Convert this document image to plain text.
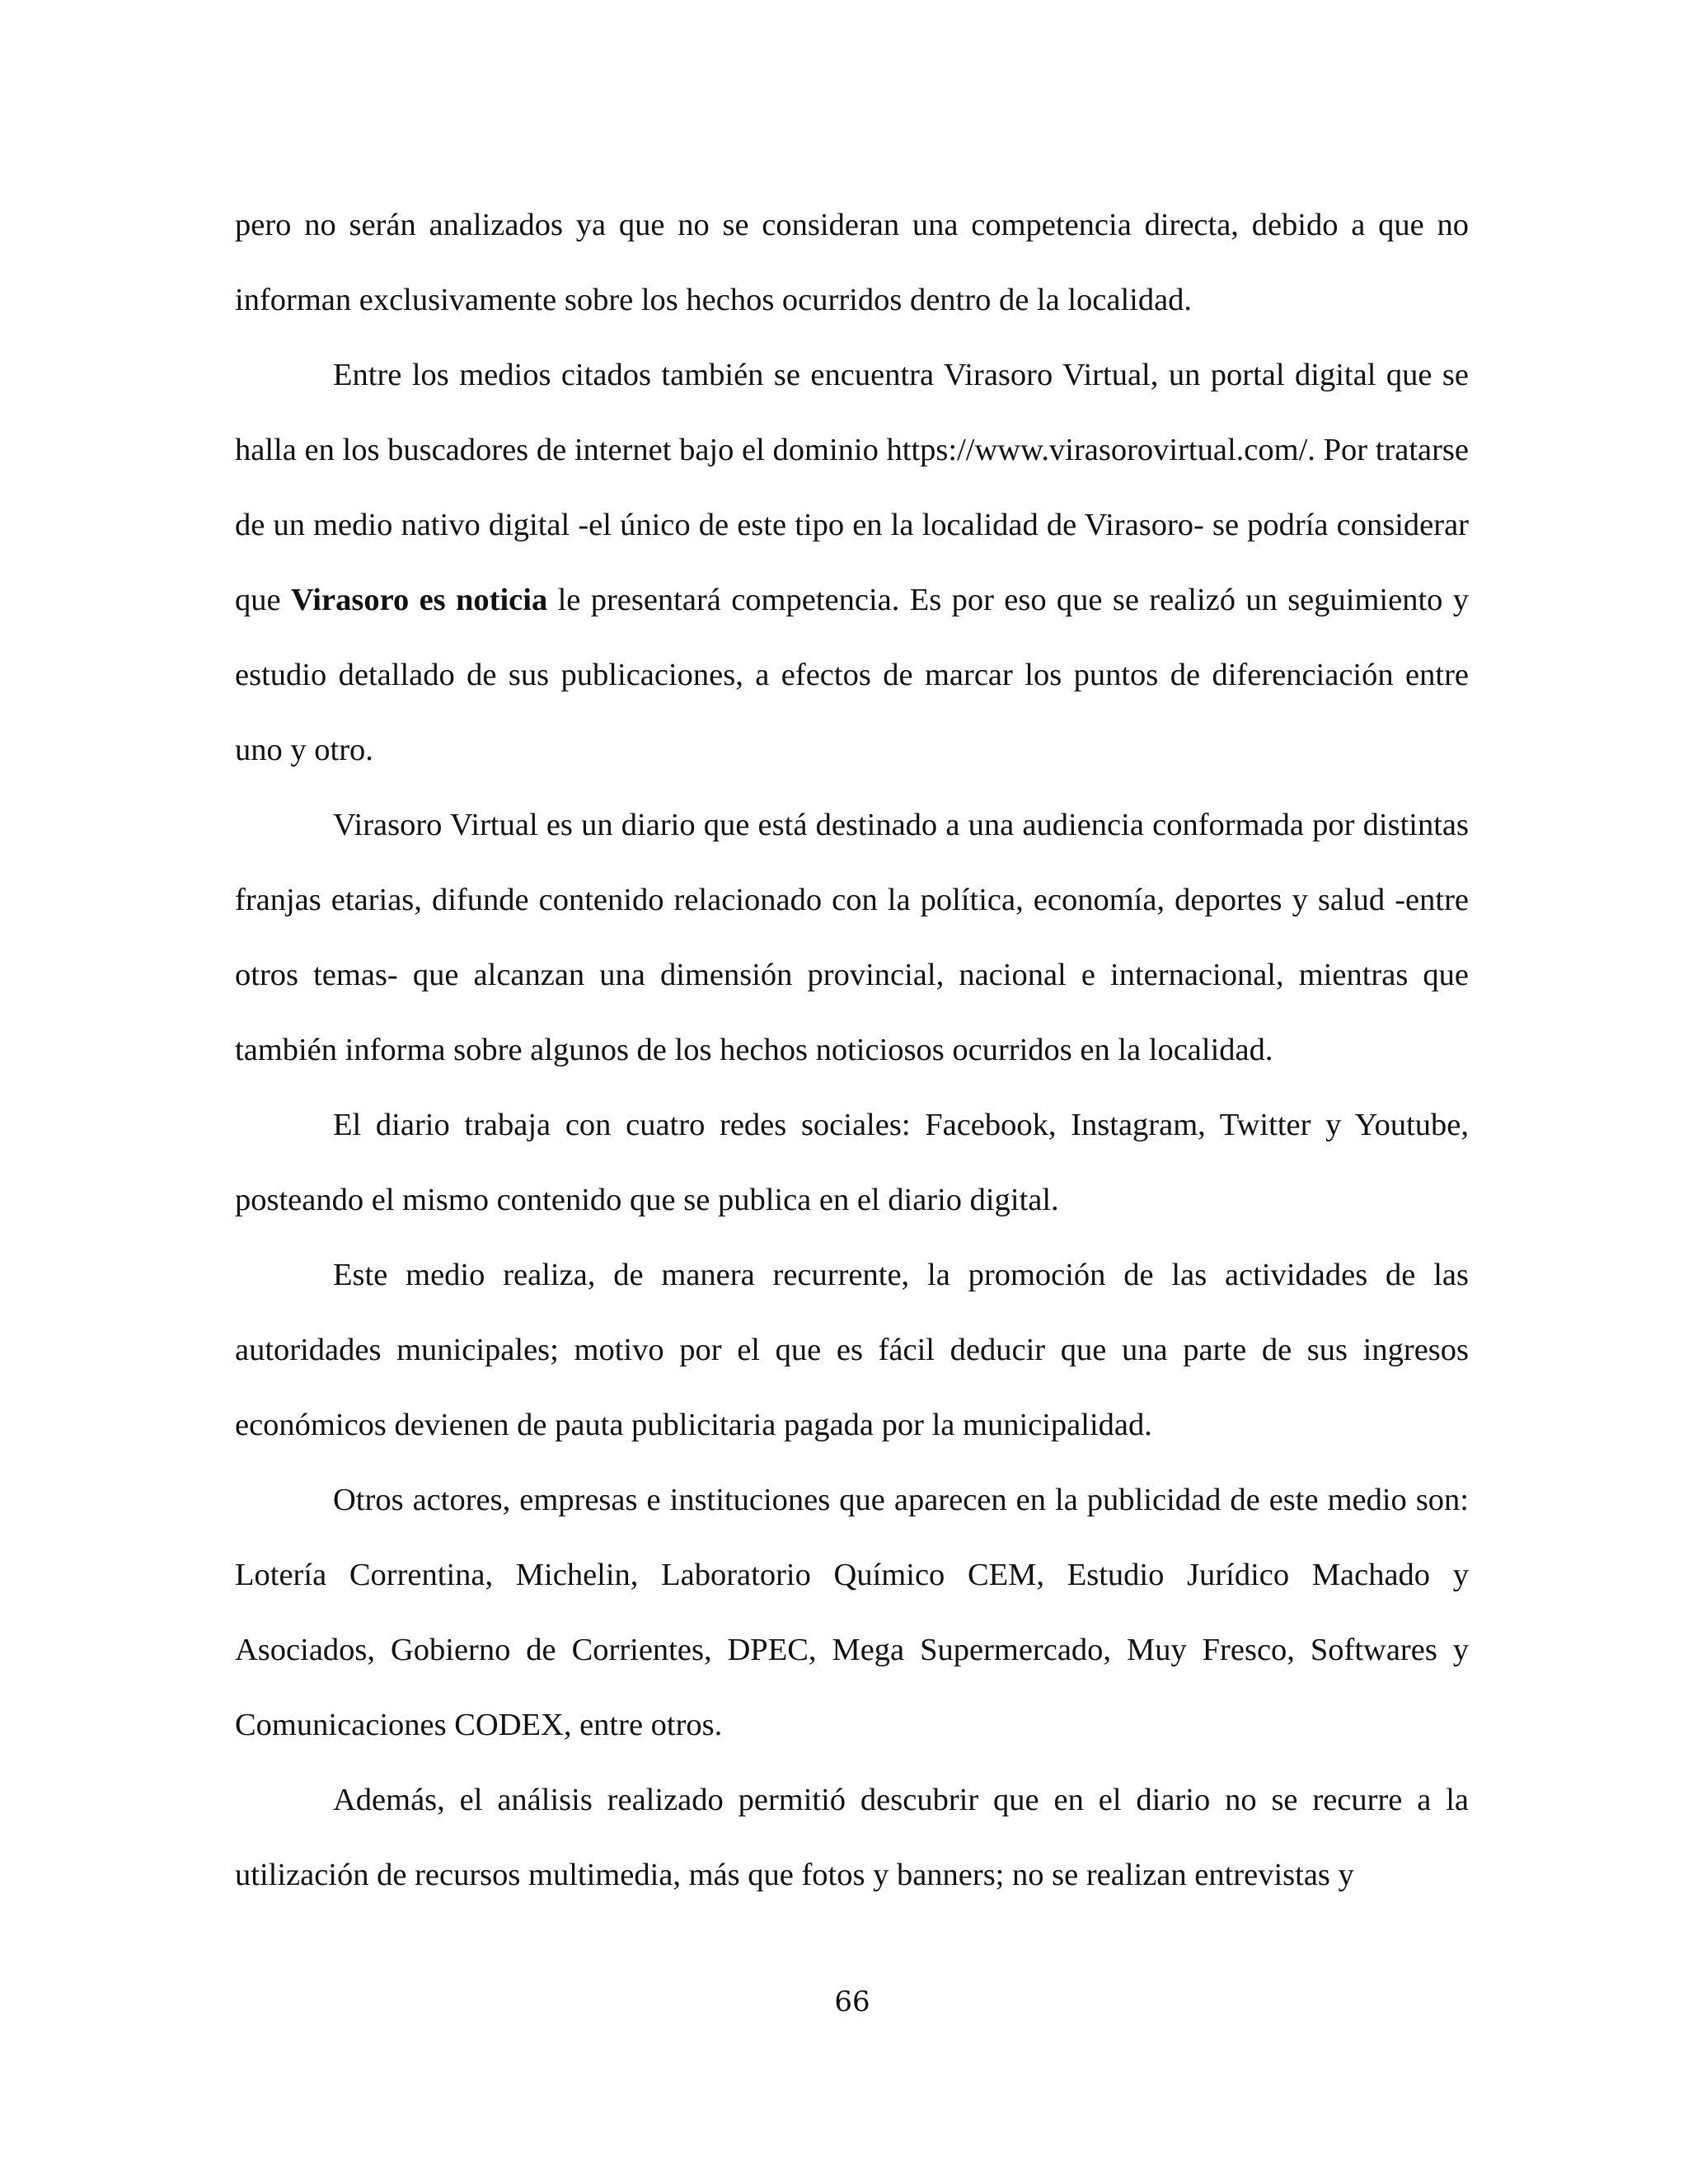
pero no serán analizados ya que no se consideran una competencia directa, debido a que no informan exclusivamente sobre los hechos ocurridos dentro de la localidad.

Entre los medios citados también se encuentra Virasoro Virtual, un portal digital que se halla en los buscadores de internet bajo el dominio https://www.virasorovirtual.com/. Por tratarse de un medio nativo digital -el único de este tipo en la localidad de Virasoro- se podría considerar que Virasoro es noticia le presentará competencia. Es por eso que se realizó un seguimiento y estudio detallado de sus publicaciones, a efectos de marcar los puntos de diferenciación entre uno y otro.

Virasoro Virtual es un diario que está destinado a una audiencia conformada por distintas franjas etarias, difunde contenido relacionado con la política, economía, deportes y salud -entre otros temas- que alcanzan una dimensión provincial, nacional e internacional, mientras que también informa sobre algunos de los hechos noticiosos ocurridos en la localidad.

El diario trabaja con cuatro redes sociales: Facebook, Instagram, Twitter y Youtube, posteando el mismo contenido que se publica en el diario digital.

Este medio realiza, de manera recurrente, la promoción de las actividades de las autoridades municipales; motivo por el que es fácil deducir que una parte de sus ingresos económicos devienen de pauta publicitaria pagada por la municipalidad.

Otros actores, empresas e instituciones que aparecen en la publicidad de este medio son: Lotería Correntina, Michelin, Laboratorio Químico CEM, Estudio Jurídico Machado y Asociados, Gobierno de Corrientes, DPEC, Mega Supermercado, Muy Fresco, Softwares y Comunicaciones CODEX, entre otros.

Además, el análisis realizado permitió descubrir que en el diario no se recurre a la utilización de recursos multimedia, más que fotos y banners; no se realizan entrevistas y

66
